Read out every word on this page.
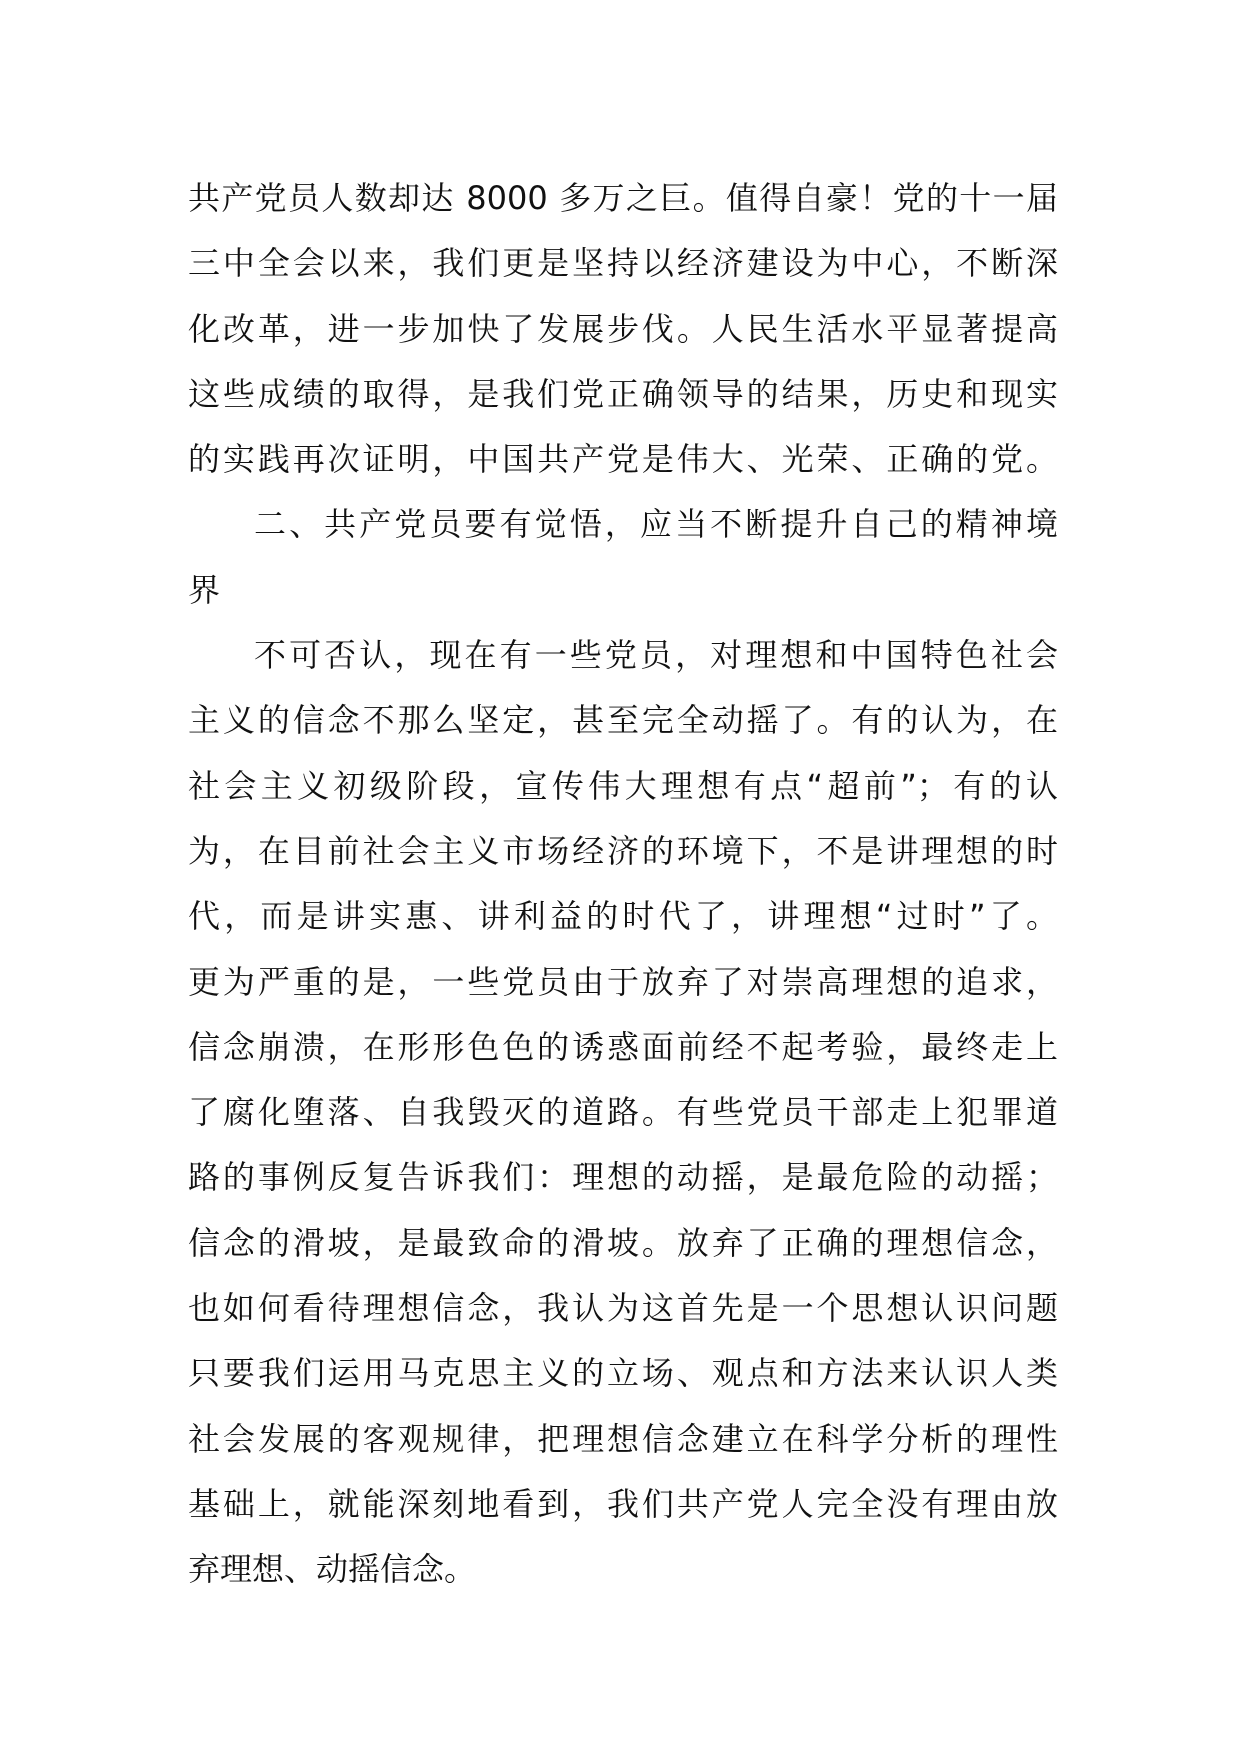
共产党员人数却达 8000 多万之巨。值得自豪！党的十一届
三中全会以来，我们更是坚持以经济建设为中心，不断深
化改革，进一步加快了发展步伐。人民生活水平显著提高
这些成绩的取得，是我们党正确领导的结果，历史和现实
的实践再次证明，中国共产党是伟大、光荣、正确的党。
二、共产党员要有觉悟，应当不断提升自己的精神境
界
不可否认，现在有一些党员，对理想和中国特色社会
主义的信念不那么坚定，甚至完全动摇了。有的认为，在
社会主义初级阶段，宣传伟大理想有点“超前”；有的认
为，在目前社会主义市场经济的环境下，不是讲理想的时
代，而是讲实惠、讲利益的时代了，讲理想“过时”了。
更为严重的是，一些党员由于放弃了对崇高理想的追求，
信念崩溃，在形形色色的诱惑面前经不起考验，最终走上
了腐化堕落、自我毁灭的道路。有些党员干部走上犯罪道
路的事例反复告诉我们：理想的动摇，是最危险的动摇；
信念的滑坡，是最致命的滑坡。放弃了正确的理想信念，
也如何看待理想信念，我认为这首先是一个思想认识问题
只要我们运用马克思主义的立场、观点和方法来认识人类
社会发展的客观规律，把理想信念建立在科学分析的理性
基础上，就能深刻地看到，我们共产党人完全没有理由放
弃理想、动摇信念。
